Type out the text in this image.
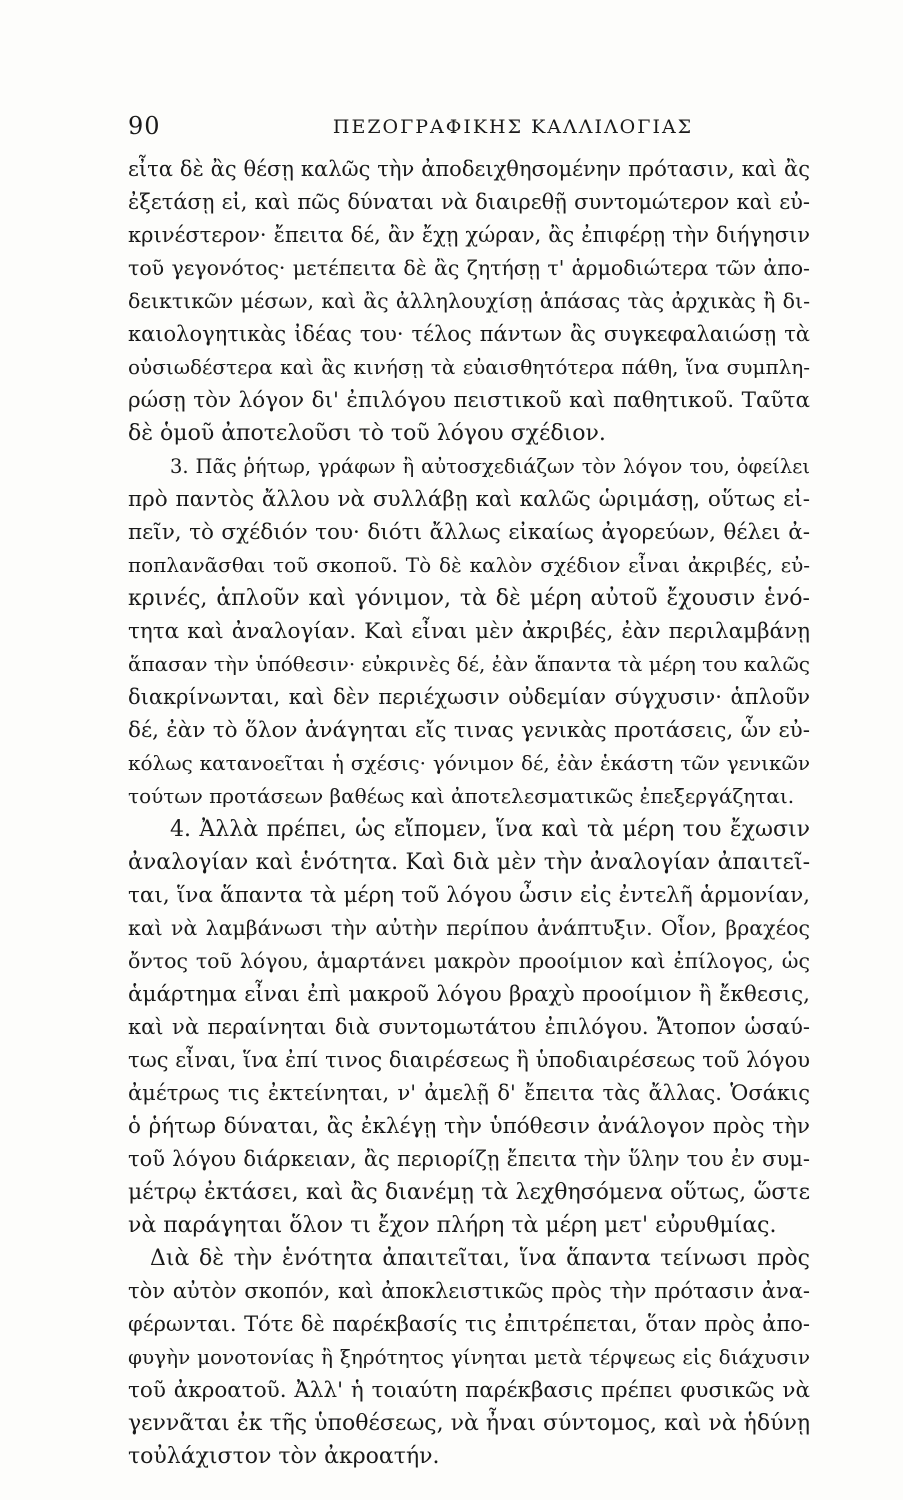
90	ΠΕΖΟΓΡΑΦΙΚΗΣ ΚΑΛΛΙΛΟΓΙΑΣ
εἶτα δὲ ἂς θέσῃ καλῶς τὴν ἀποδειχθησομένην πρότασιν, καὶ ἂς
ἐξετάσῃ εἰ, καὶ πῶς δύναται νὰ διαιρεθῇ συντομώτερον καὶ εὐ-
κρινέστερον· ἔπειτα δέ, ἂν ἔχῃ χώραν, ἂς ἐπιφέρῃ τὴν διήγησιν
τοῦ γεγονότος· μετέπειτα δὲ ἂς ζητήσῃ τ' ἁρμοδιώτερα τῶν ἀπο-
δεικτικῶν μέσων, καὶ ἂς ἀλληλουχίσῃ ἁπάσας τὰς ἀρχικὰς ἢ δι-
καιολογητικὰς ἰδέας του· τέλος πάντων ἂς συγκεφαλαιώσῃ τὰ
οὐσιωδέστερα καὶ ἂς κινήσῃ τὰ εὐαισθητότερα πάθη, ἵνα συμπλη-
ρώσῃ τὸν λόγον δι' ἐπιλόγου πειστικοῦ καὶ παθητικοῦ. Ταῦτα
δὲ ὁμοῦ ἀποτελοῦσι τὸ τοῦ λόγου σχέδιον.
3. Πᾶς ῥήτωρ, γράφων ἢ αὐτοσχεδιάζων τὸν λόγον του, ὀφείλει
πρὸ παντὸς ἄλλου νὰ συλλάβῃ καὶ καλῶς ὡριμάσῃ, οὕτως εἰ-
πεῖν, τὸ σχέδιόν του· διότι ἄλλως εἰκαίως ἀγορεύων, θέλει ἀ-
ποπλανᾶσθαι τοῦ σκοποῦ. Τὸ δὲ καλὸν σχέδιον εἶναι ἀκριβές, εὐ-
κρινές, ἁπλοῦν καὶ γόνιμον, τὰ δὲ μέρη αὐτοῦ ἔχουσιν ἑνό-
τητα καὶ ἀναλογίαν. Καὶ εἶναι μὲν ἀκριβές, ἐὰν περιλαμβάνῃ
ἅπασαν τὴν ὑπόθεσιν· εὐκρινὲς δέ, ἐὰν ἅπαντα τὰ μέρη του καλῶς
διακρίνωνται, καὶ δὲν περιέχωσιν οὐδεμίαν σύγχυσιν· ἁπλοῦν
δέ, ἐὰν τὸ ὅλον ἀνάγηται εἴς τινας γενικὰς προτάσεις, ὧν εὐ-
κόλως κατανοεῖται ἡ σχέσις· γόνιμον δέ, ἐὰν ἑκάστη τῶν γενικῶν
τούτων προτάσεων βαθέως καὶ ἀποτελεσματικῶς ἐπεξεργάζηται.
4. Ἀλλὰ πρέπει, ὡς εἴπομεν, ἵνα καὶ τὰ μέρη του ἔχωσιν
ἀναλογίαν καὶ ἑνότητα. Καὶ διὰ μὲν τὴν ἀναλογίαν ἀπαιτεῖ-
ται, ἵνα ἅπαντα τὰ μέρη τοῦ λόγου ὦσιν εἰς ἐντελῆ ἁρμονίαν,
καὶ νὰ λαμβάνωσι τὴν αὐτὴν περίπου ἀνάπτυξιν. Οἷον, βραχέος
ὄντος τοῦ λόγου, ἁμαρτάνει μακρὸν προοίμιον καὶ ἐπίλογος, ὡς
ἁμάρτημα εἶναι ἐπὶ μακροῦ λόγου βραχὺ προοίμιον ἢ ἔκθεσις,
καὶ νὰ περαίνηται διὰ συντομωτάτου ἐπιλόγου. Ἄτοπον ὡσαύ-
τως εἶναι, ἵνα ἐπί τινος διαιρέσεως ἢ ὑποδιαιρέσεως τοῦ λόγου
ἀμέτρως τις ἐκτείνηται, ν' ἀμελῇ δ' ἔπειτα τὰς ἄλλας. Ὁσάκις
ὁ ῥήτωρ δύναται, ἂς ἐκλέγῃ τὴν ὑπόθεσιν ἀνάλογον πρὸς τὴν
τοῦ λόγου διάρκειαν, ἂς περιορίζῃ ἔπειτα τὴν ὕλην του ἐν συμ-
μέτρῳ ἐκτάσει, καὶ ἂς διανέμῃ τὰ λεχθησόμενα οὕτως, ὥστε
νὰ παράγηται ὅλον τι ἔχον πλήρη τὰ μέρη μετ' εὐρυθμίας.
Διὰ δὲ τὴν ἑνότητα ἀπαιτεῖται, ἵνα ἅπαντα τείνωσι πρὸς
τὸν αὐτὸν σκοπόν, καὶ ἀποκλειστικῶς πρὸς τὴν πρότασιν ἀνα-
φέρωνται. Τότε δὲ παρέκβασίς τις ἐπιτρέπεται, ὅταν πρὸς ἀπο-
φυγὴν μονοτονίας ἢ ξηρότητος γίνηται μετὰ τέρψεως εἰς διάχυσιν
τοῦ ἀκροατοῦ. Ἀλλ' ἡ τοιαύτη παρέκβασις πρέπει φυσικῶς νὰ
γεννᾶται ἐκ τῆς ὑποθέσεως, νὰ ἦναι σύντομος, καὶ νὰ ἡδύνῃ
τοὐλάχιστον τὸν ἀκροατήν.
